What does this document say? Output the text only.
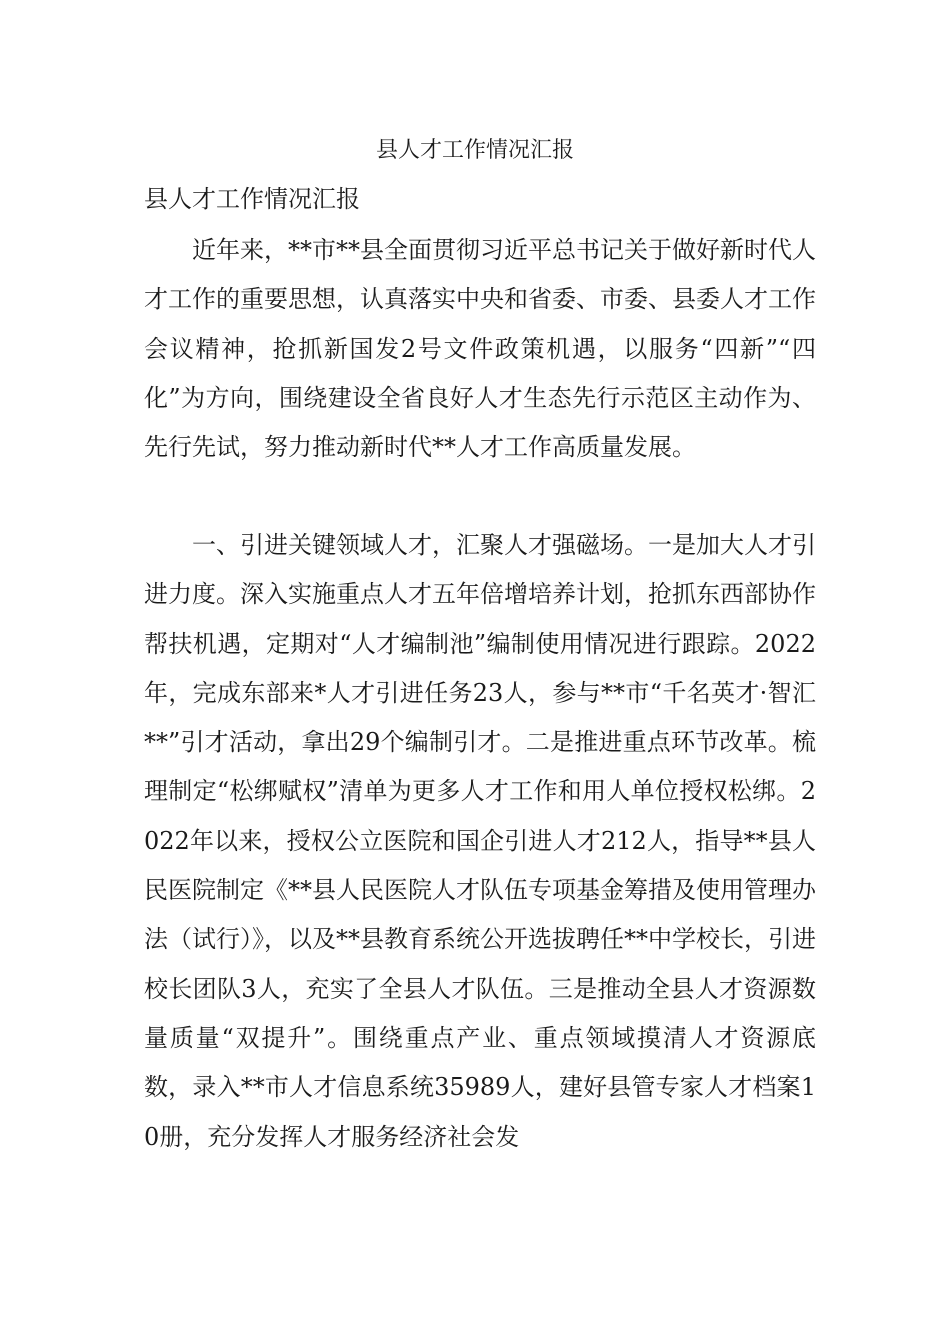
县人才工作情况汇报

县人才工作情况汇报

近年来，**市**县全面贯彻习近平总书记关于做好新时代人才工作的重要思想，认真落实中央和省委、市委、县委人才工作会议精神，抢抓新国发2号文件政策机遇，以服务“四新”“四化”为方向，围绕建设全省良好人才生态先行示范区主动作为、先行先试，努力推动新时代**人才工作高质量发展。

一、引进关键领域人才，汇聚人才强磁场。一是加大人才引进力度。深入实施重点人才五年倍增培养计划，抢抓东西部协作帮扶机遇，定期对“人才编制池”编制使用情况进行跟踪。2022年，完成东部来*人才引进任务23人，参与**市“千名英才·智汇**”引才活动，拿出29个编制引才。二是推进重点环节改革。梳理制定“松绑赋权”清单为更多人才工作和用人单位授权松绑。2022年以来，授权公立医院和国企引进人才212人，指导**县人民医院制定《**县人民医院人才队伍专项基金筹措及使用管理办法（试行）》，以及**县教育系统公开选拔聘任**中学校长，引进校长团队3人，充实了全县人才队伍。三是推动全县人才资源数量质量“双提升”。围绕重点产业、重点领域摸清人才资源底数，录入**市人才信息系统35989人，建好县管专家人才档案10册，充分发挥人才服务经济社会发
